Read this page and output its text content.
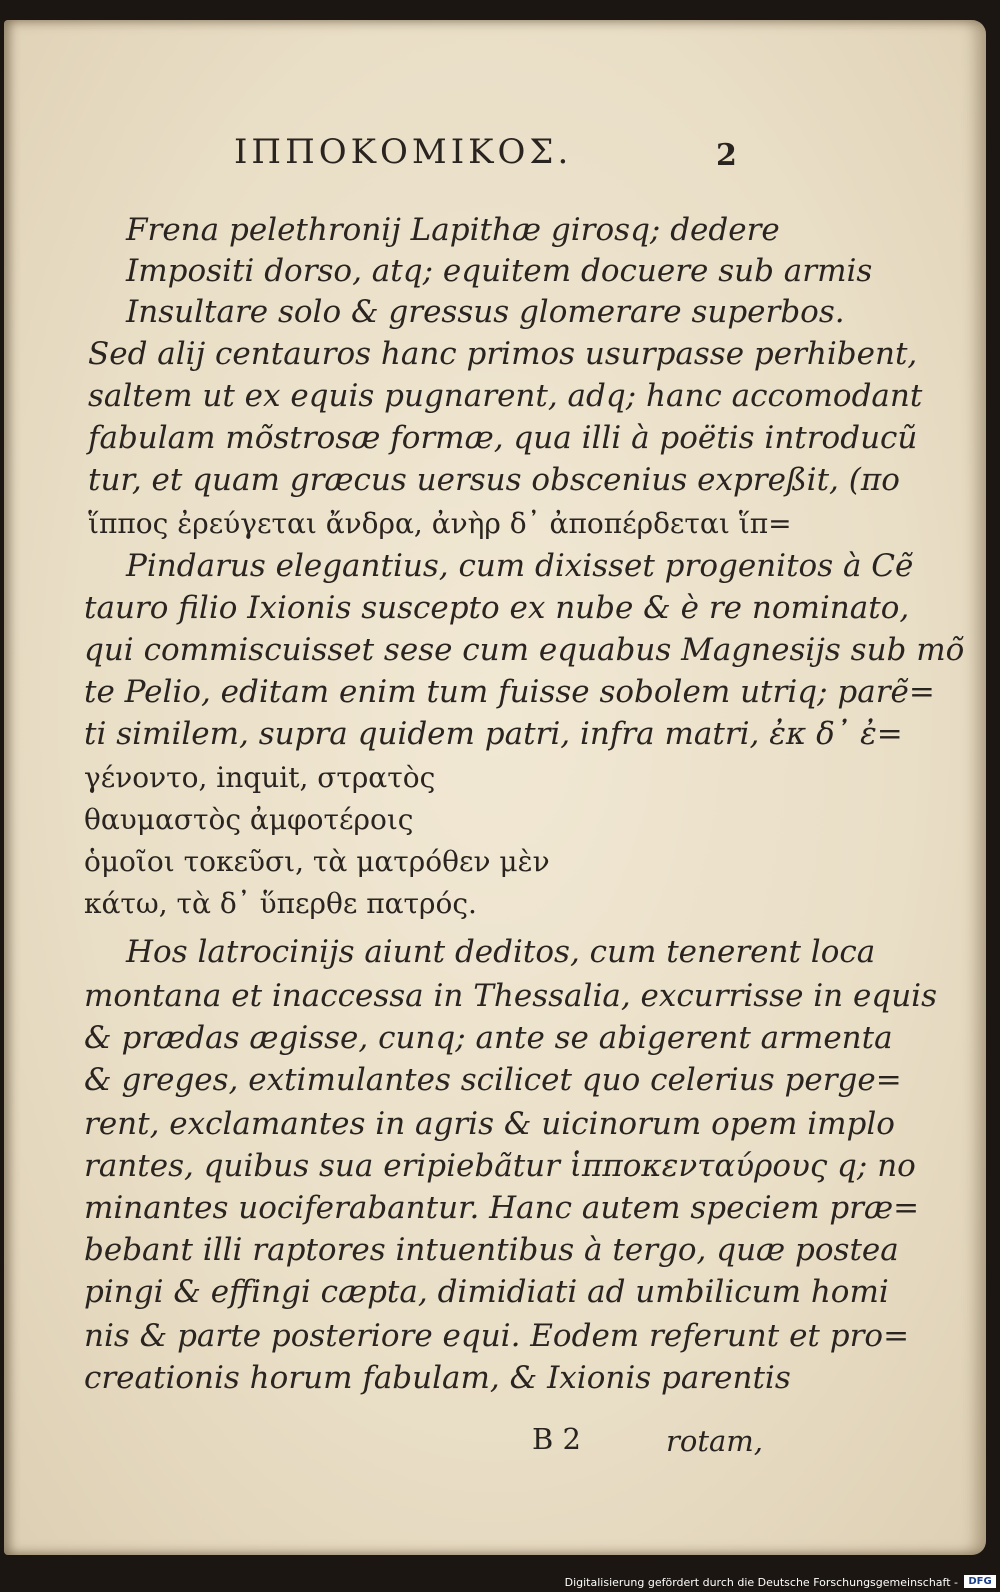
ΙΠΠΟΚΟΜΙΚΟΣ.	2
Frena pelethronij Lapithæ girosq; dedere
Impositi dorso, atq; equitem docuere sub armis
Insultare solo & gressus glomerare superbos.
Sed alij centauros hanc primos usurpasse perhibent,
saltem ut ex equis pugnarent, adq; hanc accomodant
fabulam mõstrosæ formæ, qua illi à poëtis introducũ
tur, et quam græcus uersus obscenius expreßit, (πο
ἵππος ἐρεύγεται ἄνδρα, ἀνὴρ δ᾽ ἀποπέρδεται ἵπ=
Pindarus elegantius, cum dixisset progenitos à Cẽ
tauro filio Ixionis suscepto ex nube & è re nominato,
qui commiscuisset sese cum equabus Magnesijs sub mõ
te Pelio, editam enim tum fuisse sobolem utriq; parẽ=
ti similem, supra quidem patri, infra matri, ἐκ δ᾽ ἐ=
γένοντο, inquit, στρατὸς
θαυμαστὸς ἀμφοτέροις
ὁμοῖοι τοκεῦσι, τὰ ματρόθεν μὲν
κάτω, τὰ δ᾽ ὕπερθε πατρός.
Hos latrocinijs aiunt deditos, cum tenerent loca
montana et inaccessa in Thessalia, excurrisse in equis
& prædas ægisse, cunq; ante se abigerent armenta
& greges, extimulantes scilicet quo celerius perge=
rent, exclamantes in agris & uicinorum opem implo
rantes, quibus sua eripiebãtur ἱπποκενταύρους q; no
minantes uociferabantur. Hanc autem speciem præ=
bebant illi raptores intuentibus à tergo, quæ postea
pingi & effingi cæpta, dimidiati ad umbilicum homi
nis & parte posteriore equi. Eodem referunt et pro=
creationis horum fabulam, & Ixionis parentis
B 2	rotam,
Digitalisierung gefördert durch die Deutsche Forschungsgemeinschaft -	DFG
